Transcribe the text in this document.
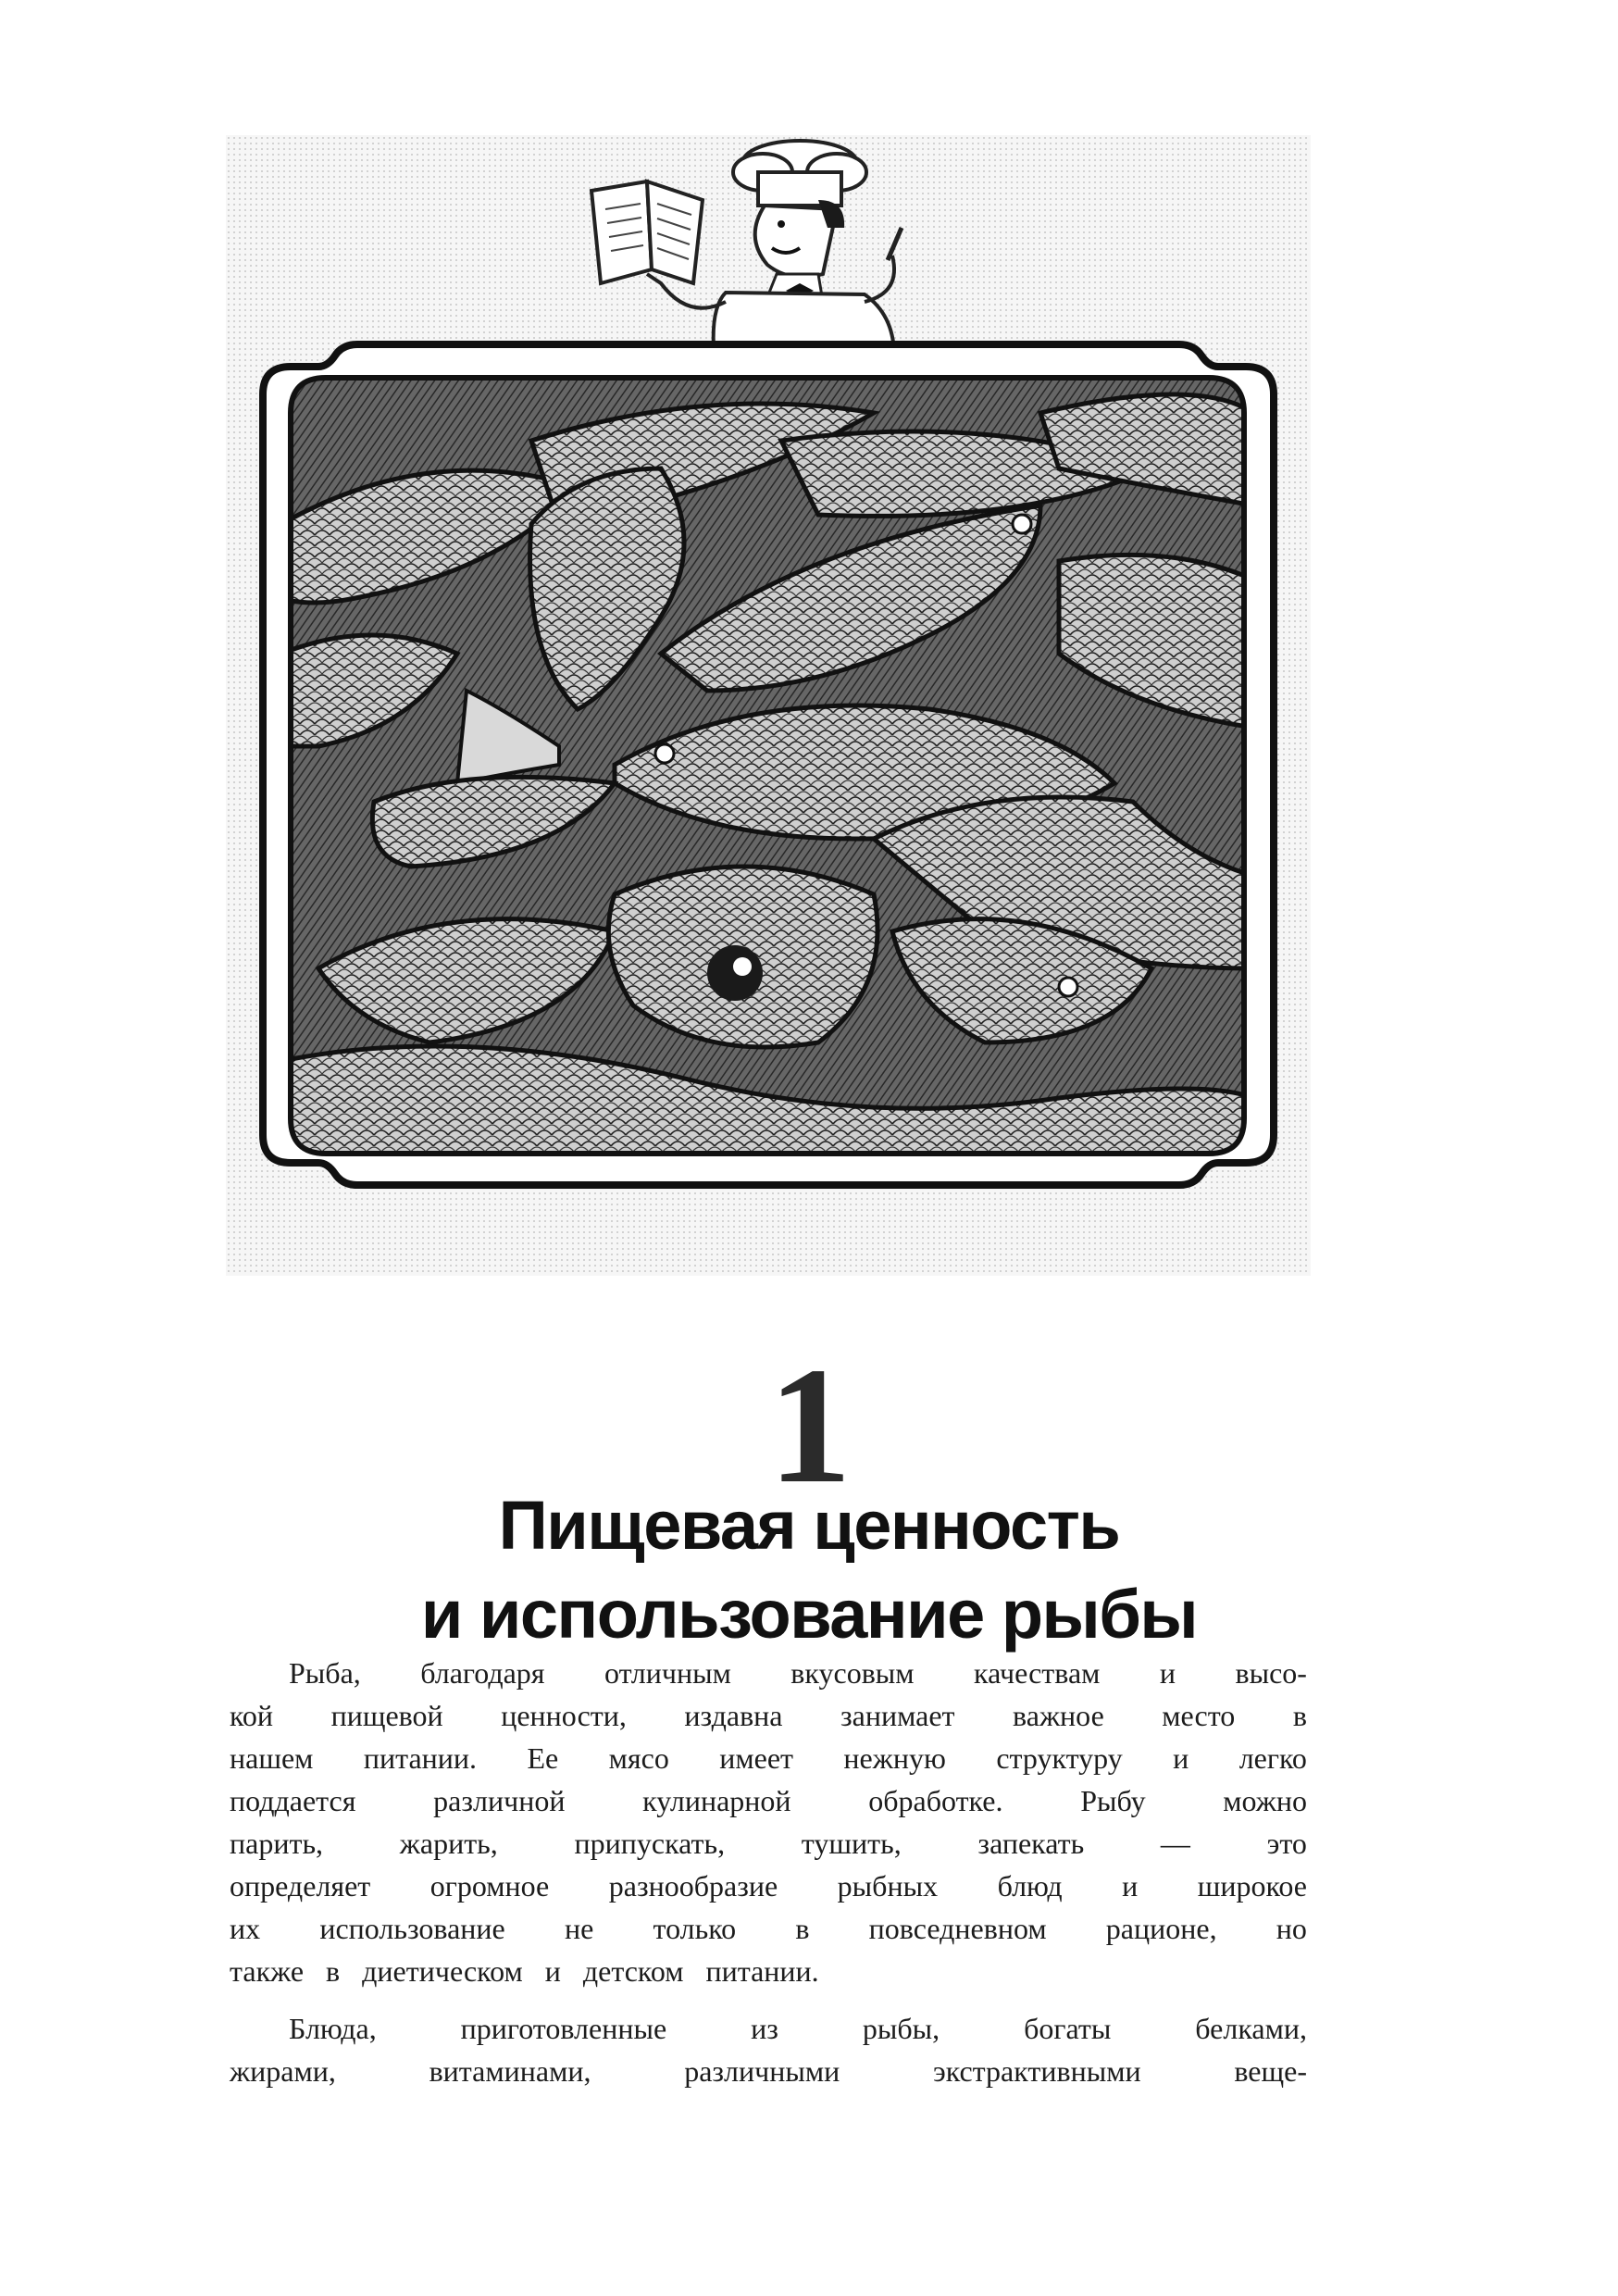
1
Пищевая ценность
и использование рыбы
Рыба, благодаря отличным вкусовым качествам и высо-
кой пищевой ценности, издавна занимает важное место в
нашем питании. Ее мясо имеет нежную структуру и легко
поддается	различной	кулинарной	обработке.	Рыбу	можно
парить,	жарить,	припускать,	тушить,	запекать	—	это
определяет огромное разнообразие рыбных блюд и широкое
их использование не только в повседневном рационе, но
также в диетическом и детском питании.
Блюда,	приготовленные	из	рыбы,	богаты	белками,
жирами,	витаминами,	различными	экстрактивными	веще-
